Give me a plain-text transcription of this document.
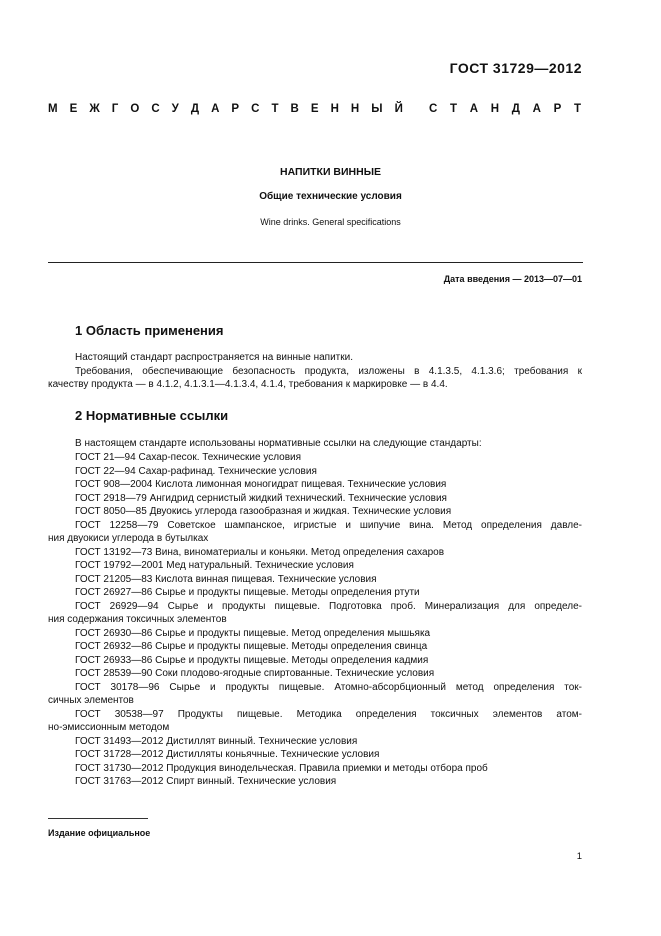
ГОСТ 31729—2012
М Е Ж Г О С У Д А Р С Т В Е Н Н Ы Й С Т А Н Д А Р Т
НАПИТКИ ВИННЫЕ
Общие технические условия
Wine drinks. General specifications
Дата введения — 2013—07—01
1 Область применения
Настоящий стандарт распространяется на винные напитки.
Требования, обеспечивающие безопасность продукта, изложены в 4.1.3.5, 4.1.3.6; требования к
качеству продукта — в 4.1.2, 4.1.3.1—4.1.3.4, 4.1.4, требования к маркировке — в 4.4.
2 Нормативные ссылки
В настоящем стандарте использованы нормативные ссылки на следующие стандарты:
ГОСТ 21—94 Сахар-песок. Технические условия
ГОСТ 22—94 Сахар-рафинад. Технические условия
ГОСТ 908—2004 Кислота лимонная моногидрат пищевая. Технические условия
ГОСТ 2918—79 Ангидрид сернистый жидкий технический. Технические условия
ГОСТ 8050—85 Двуокись углерода газообразная и жидкая. Технические условия
ГОСТ 12258—79 Советское шампанское, игристые и шипучие вина. Метод определения давле-
ния двуокиси углерода в бутылках
ГОСТ 13192—73 Вина, виноматериалы и коньяки. Метод определения сахаров
ГОСТ 19792—2001 Мед натуральный. Технические условия
ГОСТ 21205—83 Кислота винная пищевая. Технические условия
ГОСТ 26927—86 Сырье и продукты пищевые. Методы определения ртути
ГОСТ 26929—94 Сырье и продукты пищевые. Подготовка проб. Минерализация для определе-
ния содержания токсичных элементов
ГОСТ 26930—86 Сырье и продукты пищевые. Метод определения мышьяка
ГОСТ 26932—86 Сырье и продукты пищевые. Методы определения свинца
ГОСТ 26933—86 Сырье и продукты пищевые. Методы определения кадмия
ГОСТ 28539—90 Соки плодово-ягодные спиртованные. Технические условия
ГОСТ 30178—96 Сырье и продукты пищевые. Атомно-абсорбционный метод определения ток-
сичных элементов
ГОСТ 30538—97 Продукты пищевые. Методика определения токсичных элементов атом-
но-эмиссионным методом
ГОСТ 31493—2012 Дистиллят винный. Технические условия
ГОСТ 31728—2012 Дистилляты коньячные. Технические условия
ГОСТ 31730—2012 Продукция винодельческая. Правила приемки и методы отбора проб
ГОСТ 31763—2012 Спирт винный. Технические условия
Издание официальное
1
